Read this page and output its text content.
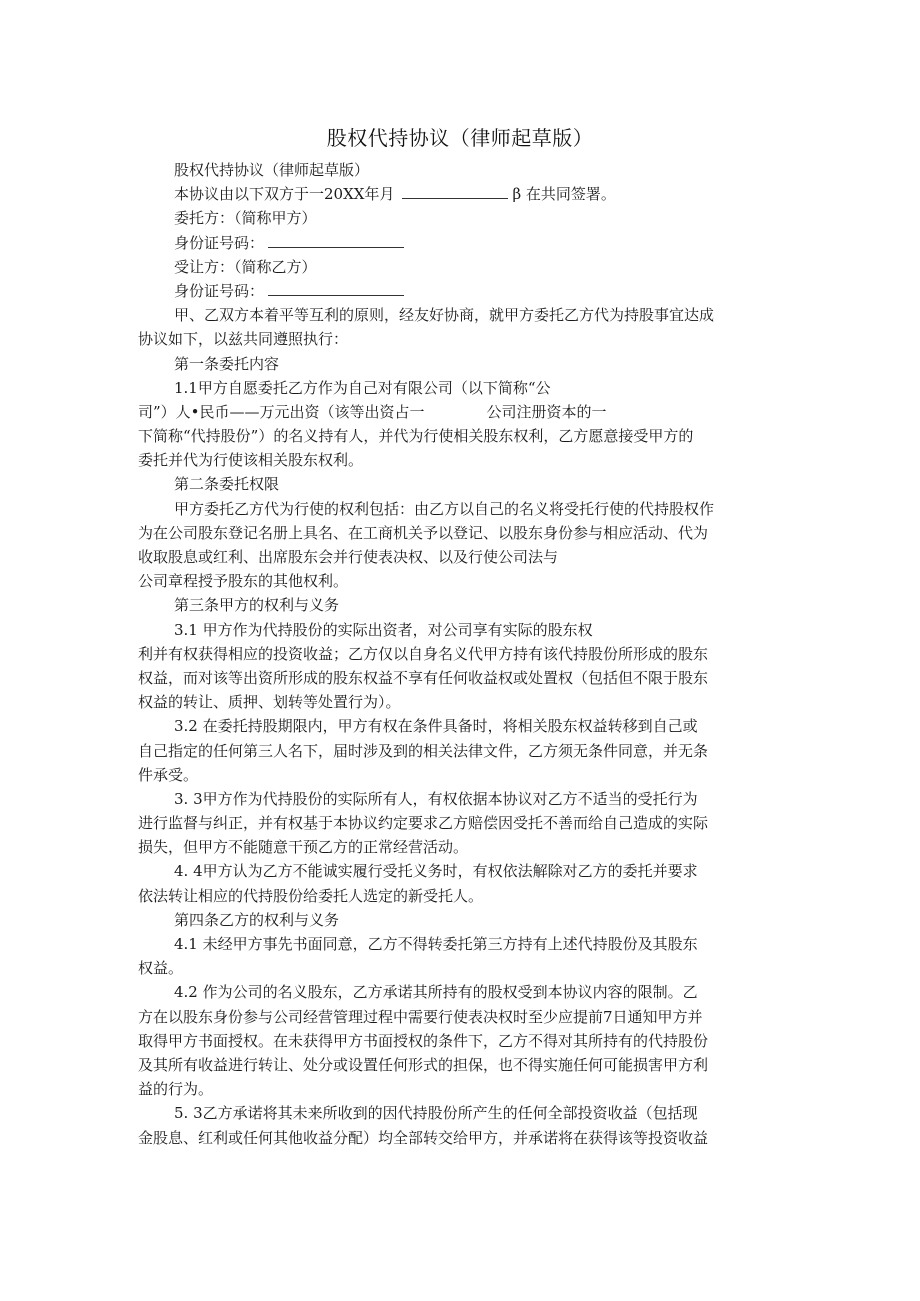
股权代持协议（律师起草版）
股权代持协议（律师起草版）
本协议由以下双方于一20XX年月	β 在共同签署。
委托方：（简称甲方）
身份证号码：
受让方：（简称乙方）
身份证号码：
甲、乙双方本着平等互利的原则，经友好协商，就甲方委托乙方代为持股事宜达成
协议如下，以兹共同遵照执行：
第一条委托内容
1.1甲方自愿委托乙方作为自己对有限公司（以下简称“公
司”）人•民币——万元出资（该等出资占一	公司注册资本的一
下简称“代持股份”）的名义持有人，并代为行使相关股东权利，乙方愿意接受甲方的
委托并代为行使该相关股东权利。
第二条委托权限
甲方委托乙方代为行使的权利包括：由乙方以自己的名义将受托行使的代持股权作
为在公司股东登记名册上具名、在工商机关予以登记、以股东身份参与相应活动、代为
收取股息或红利、出席股东会并行使表决权、以及行使公司法与
公司章程授予股东的其他权利。
第三条甲方的权利与义务
3.1 甲方作为代持股份的实际出资者，对公司享有实际的股东权
利并有权获得相应的投资收益；乙方仅以自身名义代甲方持有该代持股份所形成的股东
权益，而对该等出资所形成的股东权益不享有任何收益权或处置权（包括但不限于股东
权益的转让、质押、划转等处置行为）。
3.2 在委托持股期限内，甲方有权在条件具备时，将相关股东权益转移到自己或
自己指定的任何第三人名下，届时涉及到的相关法律文件，乙方须无条件同意，并无条
件承受。
3. 3甲方作为代持股份的实际所有人，有权依据本协议对乙方不适当的受托行为
进行监督与纠正，并有权基于本协议约定要求乙方赔偿因受托不善而给自己造成的实际
损失，但甲方不能随意干预乙方的正常经营活动。
4. 4甲方认为乙方不能诚实履行受托义务时，有权依法解除对乙方的委托并要求
依法转让相应的代持股份给委托人选定的新受托人。
第四条乙方的权利与义务
4.1 未经甲方事先书面同意，乙方不得转委托第三方持有上述代持股份及其股东
权益。
4.2 作为公司的名义股东，乙方承诺其所持有的股权受到本协议内容的限制。乙
方在以股东身份参与公司经营管理过程中需要行使表决权时至少应提前7日通知甲方并
取得甲方书面授权。在未获得甲方书面授权的条件下，乙方不得对其所持有的代持股份
及其所有收益进行转让、处分或设置任何形式的担保，也不得实施任何可能损害甲方利
益的行为。
5. 3乙方承诺将其未来所收到的因代持股份所产生的任何全部投资收益（包括现
金股息、红利或任何其他收益分配）均全部转交给甲方，并承诺将在获得该等投资收益
